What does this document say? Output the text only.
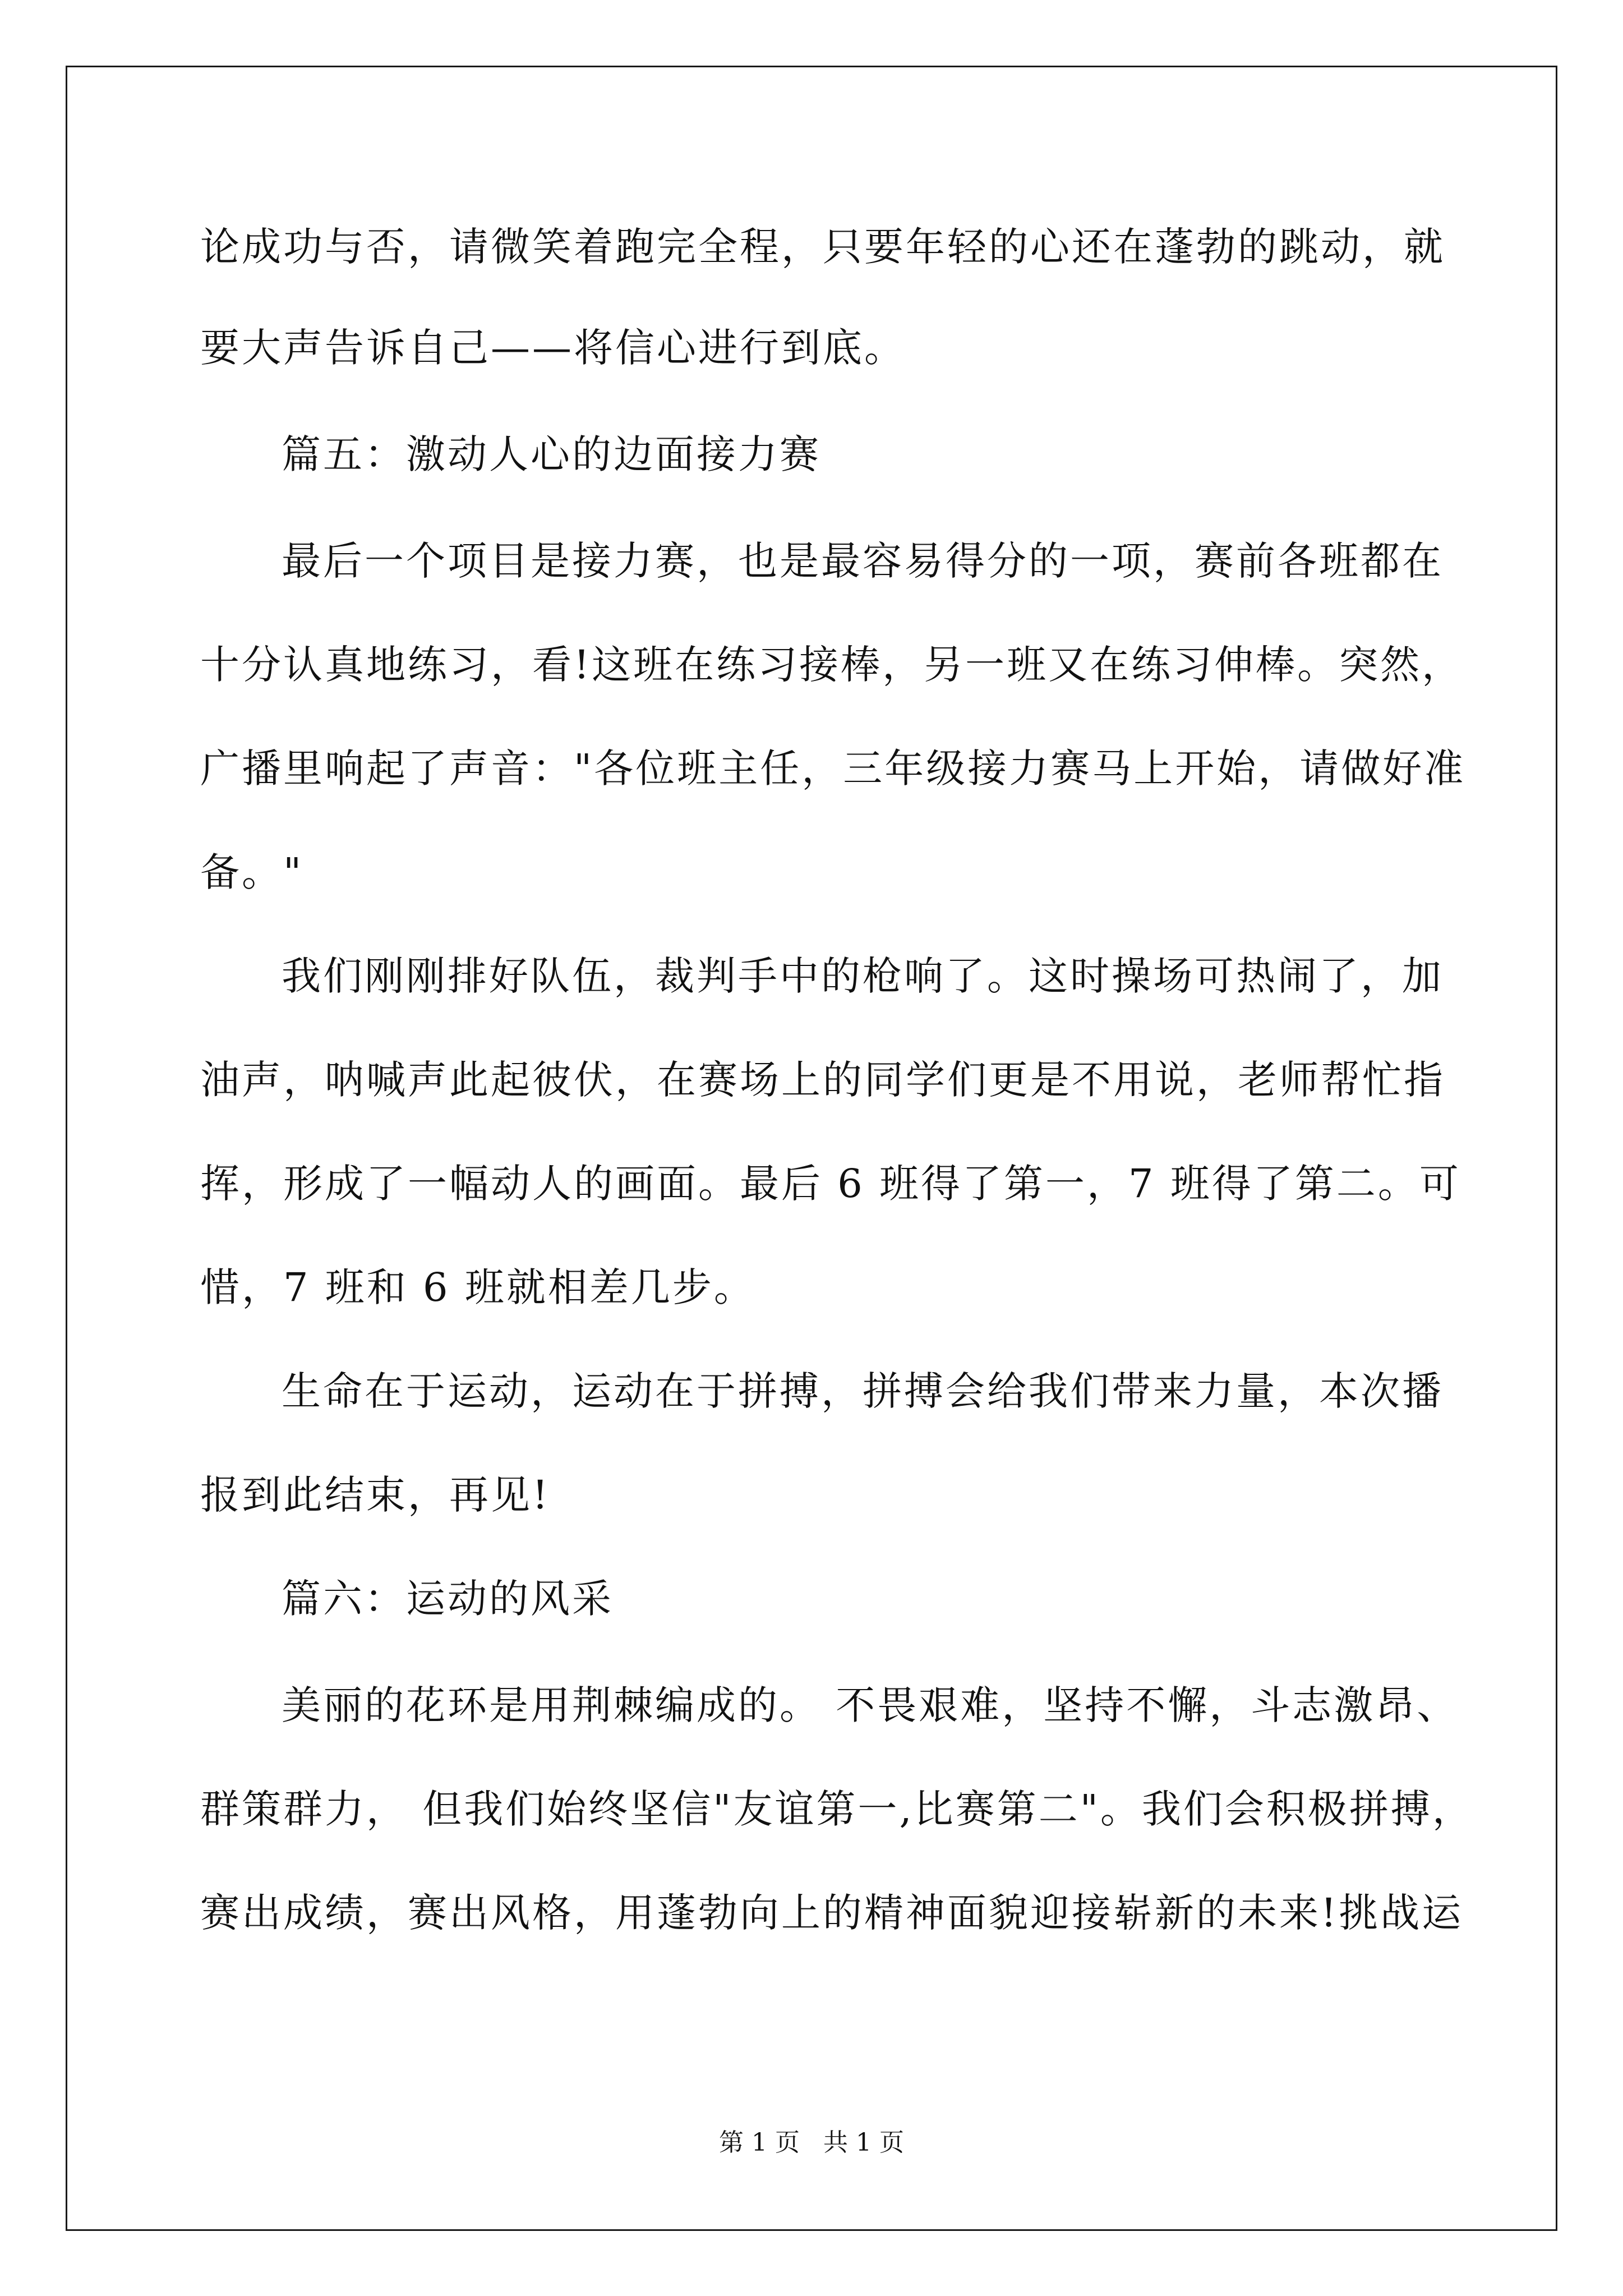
论成功与否，请微笑着跑完全程，只要年轻的心还在蓬勃的跳动，就
要大声告诉自己——将信心进行到底。
篇五：激动人心的边面接力赛
最后一个项目是接力赛，也是最容易得分的一项，赛前各班都在
十分认真地练习，看!这班在练习接棒，另一班又在练习伸棒。突然，
广播里响起了声音："各位班主任，三年级接力赛马上开始，请做好准
备。"
我们刚刚排好队伍，裁判手中的枪响了。这时操场可热闹了，加
油声，呐喊声此起彼伏，在赛场上的同学们更是不用说，老师帮忙指
挥，形成了一幅动人的画面。最后 6 班得了第一，7 班得了第二。可
惜，7 班和 6 班就相差几步。
生命在于运动，运动在于拼搏，拼搏会给我们带来力量，本次播
报到此结束，再见!
篇六：运动的风采
美丽的花环是用荆棘编成的。 不畏艰难，坚持不懈，斗志激昂、
群策群力， 但我们始终坚信"友谊第一,比赛第二"。我们会积极拼搏，
赛出成绩，赛出风格，用蓬勃向上的精神面貌迎接崭新的未来!挑战运
第 1 页   共 1 页
